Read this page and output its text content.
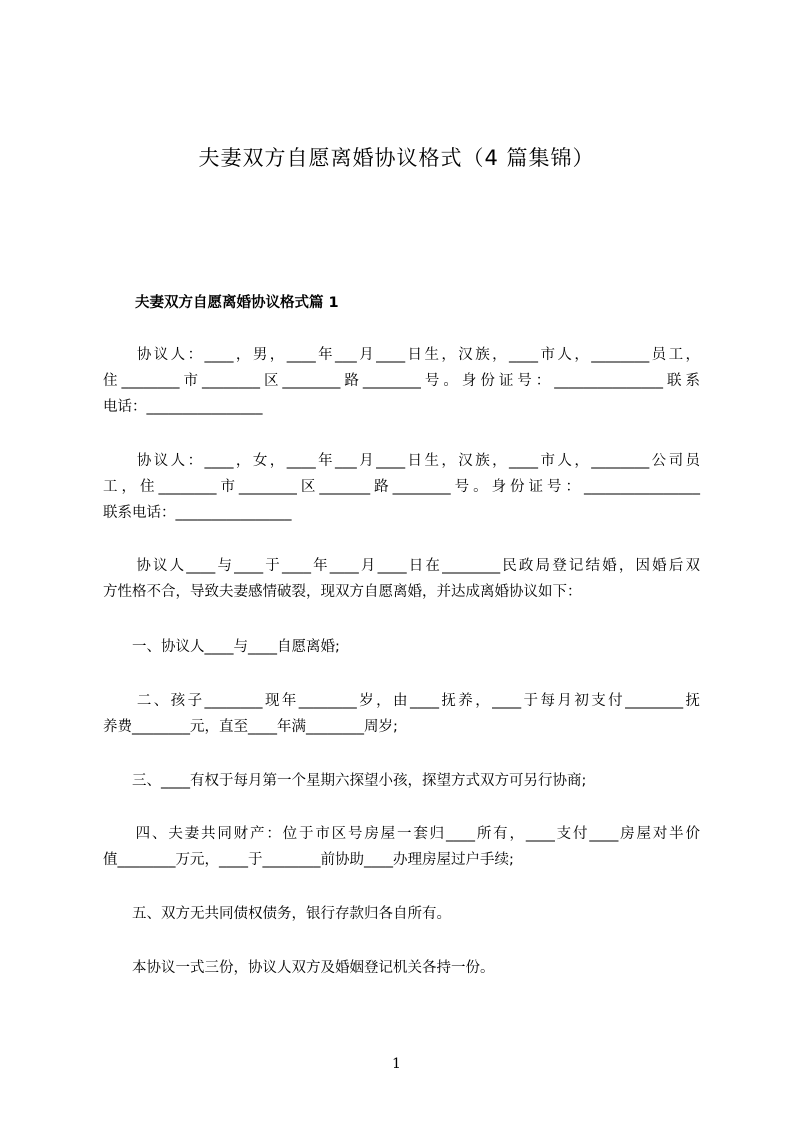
夫妻双方自愿离婚协议格式（4 篇集锦）
夫妻双方自愿离婚协议格式篇 1
　　协议人：____，男，____年___月____日生，汉族，____市人，________员工，
住________市________区________路________号。身份证号：_______________联系
电话：________________
　　协议人：____，女，____年___月____日生，汉族，____市人，________公司员
工，住________市________区_______路________号。身份证号：________________
联系电话：________________
　　协议人____与____于____年____月____日在________民政局登记结婚，因婚后双
方性格不合，导致夫妻感情破裂，现双方自愿离婚，并达成离婚协议如下：
　　一、协议人____与____自愿离婚;
　　二、孩子________现年________岁，由____抚养，____于每月初支付________抚
养费________元，直至____年满________周岁;
　　三、____有权于每月第一个星期六探望小孩，探望方式双方可另行协商;
　　四、夫妻共同财产：位于市区号房屋一套归____所有，____支付____房屋对半价
值________万元，____于________前协助____办理房屋过户手续;
　　五、双方无共同债权债务，银行存款归各自所有。
　　本协议一式三份，协议人双方及婚姻登记机关各持一份。
1
